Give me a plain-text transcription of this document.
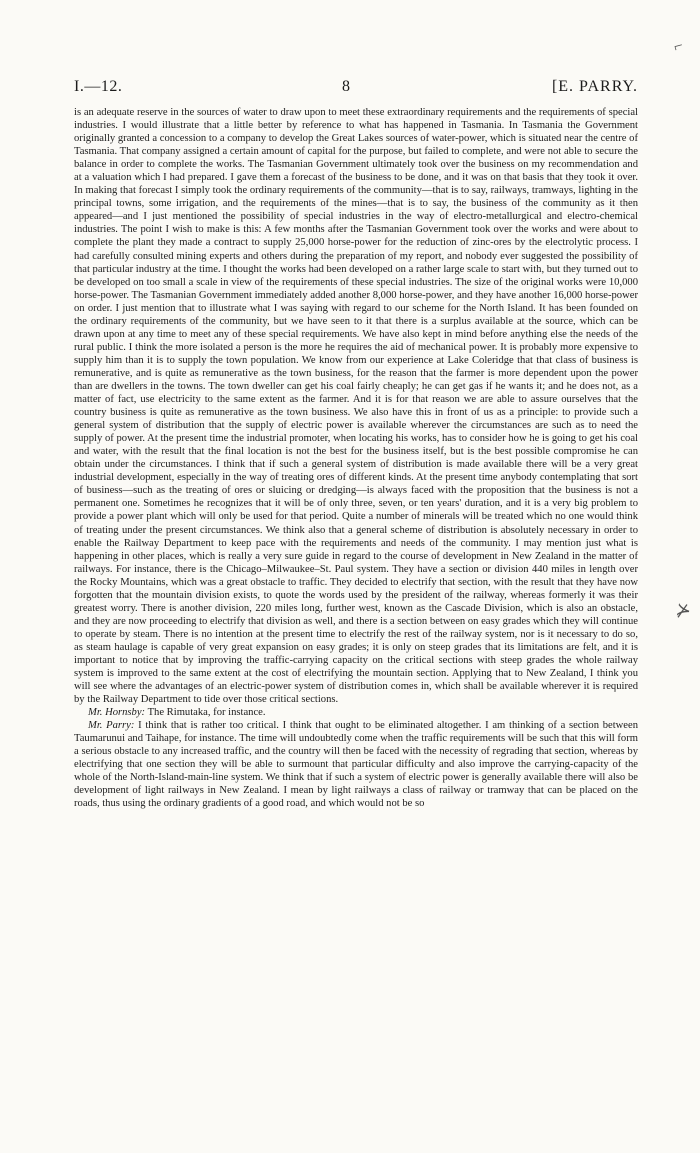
⌐
⊁
I.—12.	8	[E. PARRY.

is an adequate reserve in the sources of water to draw upon to meet these extraordinary requirements and the requirements of special industries. I would illustrate that a little better by reference to what has happened in Tasmania. In Tasmania the Government originally granted a concession to a company to develop the Great Lakes sources of water-power, which is situated near the centre of Tasmania. That company assigned a certain amount of capital for the purpose, but failed to complete, and were not able to secure the balance in order to complete the works. The Tasmanian Government ultimately took over the business on my recommendation and at a valuation which I had prepared. I gave them a forecast of the business to be done, and it was on that basis that they took it over. In making that forecast I simply took the ordinary requirements of the community—that is to say, railways, tramways, lighting in the principal towns, some irrigation, and the requirements of the mines—that is to say, the business of the community as it then appeared—and I just mentioned the possibility of special industries in the way of electro-metallurgical and electro-chemical industries. The point I wish to make is this: A few months after the Tasmanian Government took over the works and were about to complete the plant they made a contract to supply 25,000 horse-power for the reduction of zinc-ores by the electrolytic process. I had carefully consulted mining experts and others during the preparation of my report, and nobody ever suggested the possibility of that particular industry at the time. I thought the works had been developed on a rather large scale to start with, but they turned out to be developed on too small a scale in view of the requirements of these special industries. The size of the original works were 10,000 horse-power. The Tasmanian Government immediately added another 8,000 horse-power, and they have another 16,000 horse-power on order. I just mention that to illustrate what I was saying with regard to our scheme for the North Island. It has been founded on the ordinary requirements of the community, but we have seen to it that there is a surplus available at the source, which can be drawn upon at any time to meet any of these special requirements. We have also kept in mind before anything else the needs of the rural public. I think the more isolated a person is the more he requires the aid of mechanical power. It is probably more expensive to supply him than it is to supply the town population. We know from our experience at Lake Coleridge that that class of business is remunerative, and is quite as remunerative as the town business, for the reason that the farmer is more dependent upon the power than are dwellers in the towns. The town dweller can get his coal fairly cheaply; he can get gas if he wants it; and he does not, as a matter of fact, use electricity to the same extent as the farmer. And it is for that reason we are able to assure ourselves that the country business is quite as remunerative as the town business. We also have this in front of us as a principle: to provide such a general system of distribution that the supply of electric power is available wherever the circumstances are such as to need the supply of power. At the present time the industrial promoter, when locating his works, has to consider how he is going to get his coal and water, with the result that the final location is not the best for the business itself, but is the best possible compromise he can obtain under the circumstances. I think that if such a general system of distribution is made available there will be a very great industrial development, especially in the way of treating ores of different kinds. At the present time anybody contemplating that sort of business—such as the treating of ores or sluicing or dredging—is always faced with the proposition that the business is not a permanent one. Sometimes he recognizes that it will be of only three, seven, or ten years' duration, and it is a very big problem to provide a power plant which will only be used for that period. Quite a number of minerals will be treated which no one would think of treating under the present circumstances. We think also that a general scheme of distribution is absolutely necessary in order to enable the Railway Department to keep pace with the requirements and needs of the community. I may mention just what is happening in other places, which is really a very sure guide in regard to the course of development in New Zealand in the matter of railways. For instance, there is the Chicago–Milwaukee–St. Paul system. They have a section or division 440 miles in length over the Rocky Mountains, which was a great obstacle to traffic. They decided to electrify that section, with the result that they have now forgotten that the mountain division exists, to quote the words used by the president of the railway, whereas formerly it was their greatest worry. There is another division, 220 miles long, further west, known as the Cascade Division, which is also an obstacle, and they are now proceeding to electrify that division as well, and there is a section between on easy grades which they will continue to operate by steam. There is no intention at the present time to electrify the rest of the railway system, nor is it necessary to do so, as steam haulage is capable of very great expansion on easy grades; it is only on steep grades that its limitations are felt, and it is important to notice that by improving the traffic-carrying capacity on the critical sections with steep grades the whole railway system is improved to the same extent at the cost of electrifying the mountain section. Applying that to New Zealand, I think you will see where the advantages of an electric-power system of distribution comes in, which shall be available wherever it is required by the Railway Department to tide over those critical sections.

Mr. Hornsby: The Rimutaka, for instance.

Mr. Parry: I think that is rather too critical. I think that ought to be eliminated altogether. I am thinking of a section between Taumarunui and Taihape, for instance. The time will undoubtedly come when the traffic requirements will be such that this will form a serious obstacle to any increased traffic, and the country will then be faced with the necessity of regrading that section, whereas by electrifying that one section they will be able to surmount that particular difficulty and also improve the carrying-capacity of the whole of the North-Island-main-line system. We think that if such a system of electric power is generally available there will also be development of light railways in New Zealand. I mean by light railways a class of railway or tramway that can be placed on the roads, thus using the ordinary gradients of a good road, and which would not be so
